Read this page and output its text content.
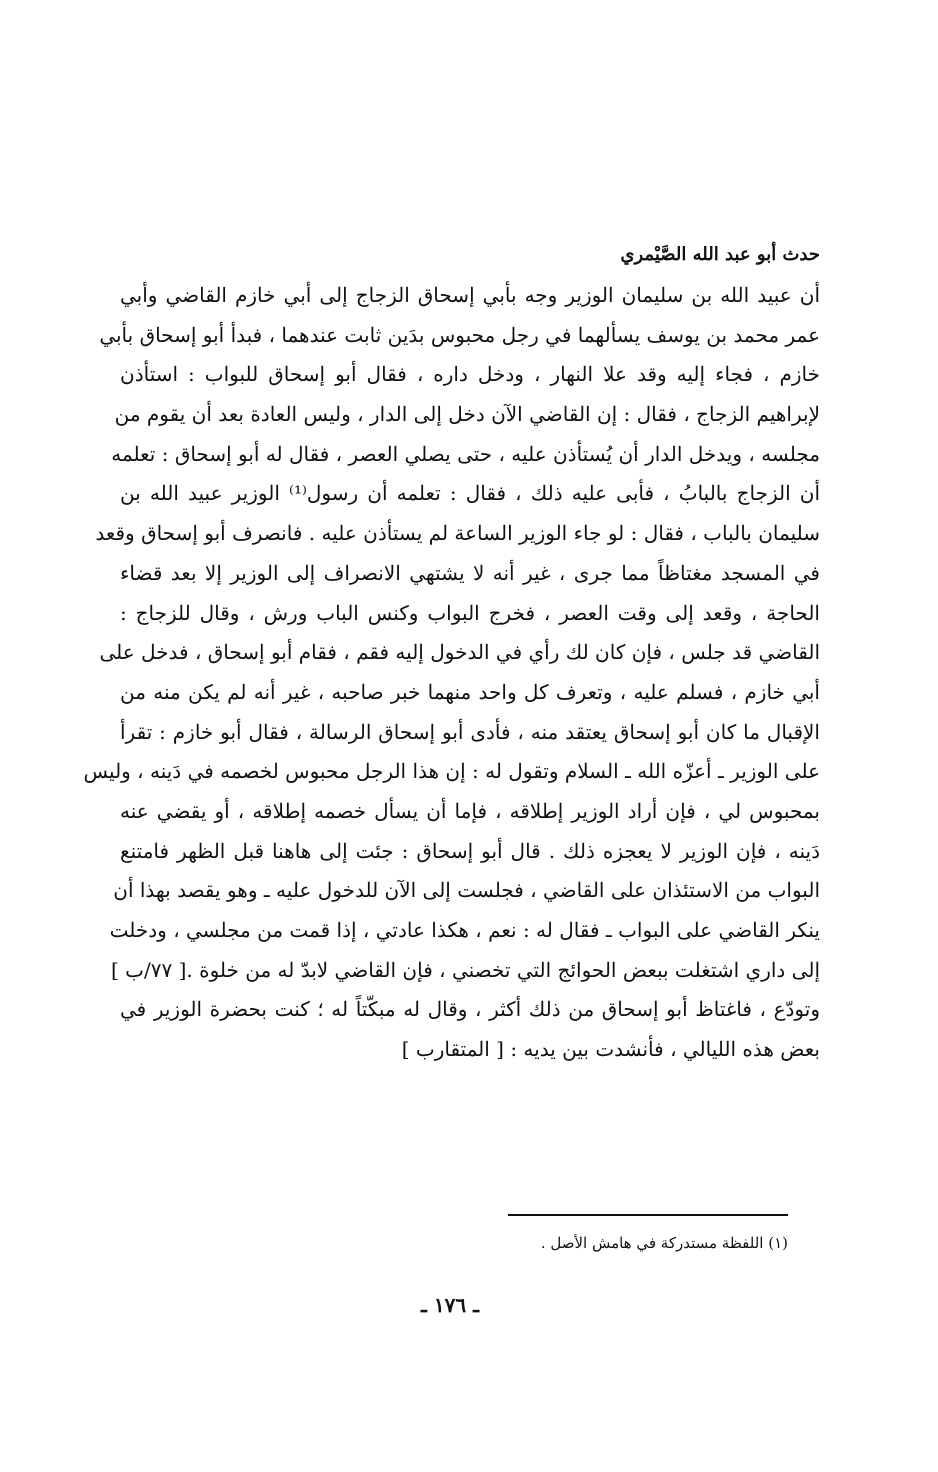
حدث أبو عبد الله الصَّيْمري
أن عبيد الله بن سليمان الوزير وجه بأبي إسحاق الزجاج إلى أبي خازم القاضي وأبي
عمر محمد بن يوسف يسألهما في رجل محبوس بدَين ثابت عندهما ، فبدأ أبو إسحاق بأبي
خازم ، فجاء إليه وقد علا النهار ، ودخل داره ، فقال أبو إسحاق للبواب : استأذن
لإبراهيم الزجاج ، فقال : إن القاضي الآن دخل إلى الدار ، وليس العادة بعد أن يقوم من
مجلسه ، ويدخل الدار أن يُستأذن عليه ، حتى يصلي العصر ، فقال له أبو إسحاق : تعلمه
أن الزجاج بالبابُ ، فأبى عليه ذلك ، فقال : تعلمه أن رسول⁽¹⁾ الوزير عبيد الله بن
سليمان بالباب ، فقال : لو جاء الوزير الساعة لم يستأذن عليه . فانصرف أبو إسحاق وقعد
في المسجد مغتاظاً مما جرى ، غير أنه لا يشتهي الانصراف إلى الوزير إلا بعد قضاء
الحاجة ، وقعد إلى وقت العصر ، فخرج البواب وكنس الباب ورش ، وقال للزجاج :
القاضي قد جلس ، فإن كان لك رأي في الدخول إليه فقم ، فقام أبو إسحاق ، فدخل على
أبي خازم ، فسلم عليه ، وتعرف كل واحد منهما خبر صاحبه ، غير أنه لم يكن منه من
الإقبال ما كان أبو إسحاق يعتقد منه ، فأدى أبو إسحاق الرسالة ، فقال أبو خازم : تقرأ
على الوزير ـ أعزّه الله ـ السلام وتقول له : إن هذا الرجل محبوس لخصمه في دَينه ، وليس
بمحبوس لي ، فإن أراد الوزير إطلاقه ، فإما أن يسأل خصمه إطلاقه ، أو يقضي عنه
دَينه ، فإن الوزير لا يعجزه ذلك . قال أبو إسحاق : جئت إلى هاهنا قبل الظهر فامتنع
البواب من الاستئذان على القاضي ، فجلست إلى الآن للدخول عليه ـ وهو يقصد بهذا أن
ينكر القاضي على البواب ـ فقال له : نعم ، هكذا عادتي ، إذا قمت من مجلسي ، ودخلت
إلى داري اشتغلت ببعض الحوائج التي تخصني ، فإن القاضي لابدّ له من خلوة .[ ٧٧/ب ]
وتودّع ، فاغتاظ أبو إسحاق من ذلك أكثر ، وقال له مبكّتاً له ؛ كنت بحضرة الوزير في
بعض هذه الليالي ، فأنشدت بين يديه : [ المتقارب ]
(١) اللفظة مستدركة في هامش الأصل .
ـ ١٧٦ ـ
